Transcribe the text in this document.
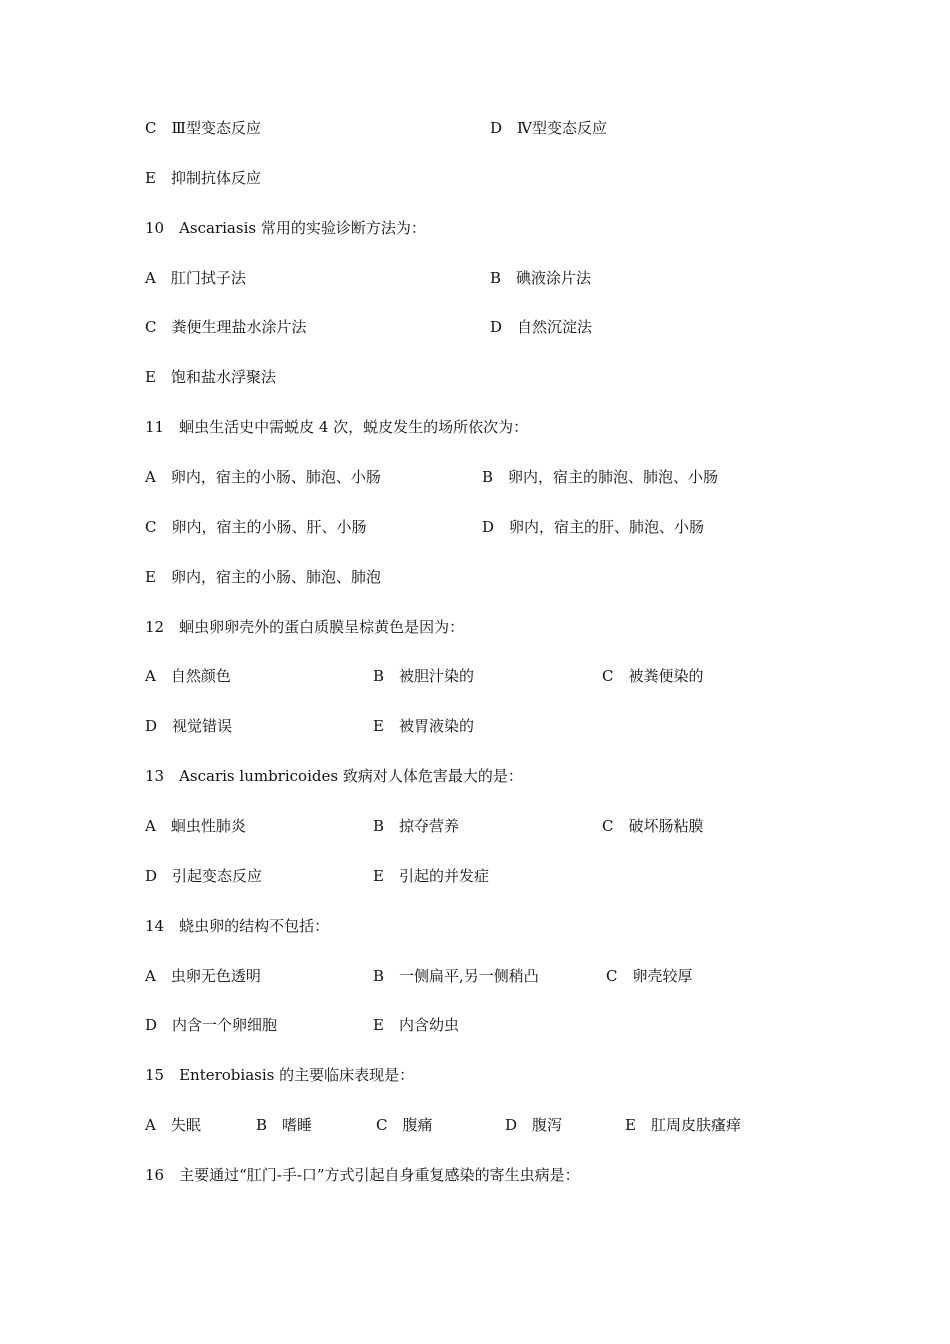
C　Ⅲ型变态反应	D　Ⅳ型变态反应
E　抑制抗体反应
10　Ascariasis 常用的实验诊断方法为：
A　肛门拭子法	B　碘液涂片法
C　粪便生理盐水涂片法	D　自然沉淀法
E　饱和盐水浮聚法
11　蛔虫生活史中需蜕皮 4 次，蜕皮发生的场所依次为：
A　卵内，宿主的小肠、肺泡、小肠	B　卵内，宿主的肺泡、肺泡、小肠
C　卵内，宿主的小肠、肝、小肠	D　卵内，宿主的肝、肺泡、小肠
E　卵内，宿主的小肠、肺泡、肺泡
12　蛔虫卵卵壳外的蛋白质膜呈棕黄色是因为：
A　自然颜色	B　被胆汁染的	C　被粪便染的
D　视觉错误	E　被胃液染的
13　Ascaris lumbricoides 致病对人体危害最大的是：
A　蛔虫性肺炎	B　掠夺营养	C　破坏肠粘膜
D　引起变态反应	E　引起的并发症
14　蛲虫卵的结构不包括：
A　虫卵无色透明	B　一侧扁平,另一侧稍凸	C　卵壳较厚
D　内含一个卵细胞	E　内含幼虫
15　Enterobiasis 的主要临床表现是：
A　失眠	B　嗜睡	C　腹痛	D　腹泻	E　肛周皮肤瘙痒
16　主要通过“肛门-手-口”方式引起自身重复感染的寄生虫病是：
